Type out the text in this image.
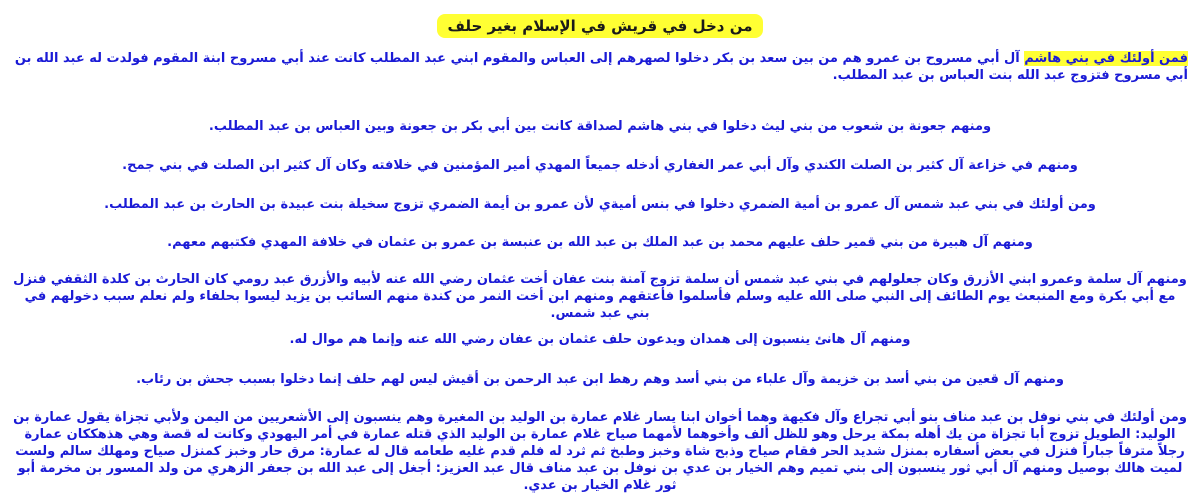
من دخل في قريش في الإسلام بغير حلف

فمن أولئك في بني هاشم آل أبي مسروح بن عمرو هم من بين سعد بن بكر دخلوا لصهرهم إلى العباس والمقوم ابني عبد المطلب كانت عند أبي مسروح ابنة المقوم فولدت له عبد الله بن أبي مسروح فتزوج عبد الله بنت العباس بن عبد المطلب.

ومنهم جعونة بن شعوب من بني ليث دخلوا في بني هاشم لصداقة كانت بين أبي بكر بن جعونة وبين العباس بن عبد المطلب.

ومنهم في خزاعة آل كثير بن الصلت الكندي وآل أبي عمر الغفاري أدخله جميعاً المهدي أمير المؤمنين في خلافته وكان آل كثير ابن الصلت في بني جمح.

ومن أولئك في بني عبد شمس آل عمرو بن أمية الضمري دخلوا في بنس أميةي لأن عمرو بن أيمة الضمري تزوج سخيلة بنت عبيدة بن الحارث بن عبد المطلب.

ومنهم آل هبيرة من بني قمير حلف عليهم محمد بن عبد الملك بن عبد الله بن عنبسة بن عمرو بن عثمان في خلافة المهدي فكتبهم معهم.

ومنهم آل سلمة وعمرو ابني الأزرق وكان جعلولهم في بني عبد شمس أن سلمة تزوج آمنة بنت عفان أخت عثمان رضي الله عنه لأبيه والأزرق عبد رومي كان الحارث بن كلدة الثقفي فنزل مع أبي بكرة ومع المنبعث يوم الطائف إلى النبي صلى الله عليه وسلم فأسلموا فأعتقهم ومنهم ابن أخت النمر من كندة منهم السائب بن يزيد ليسوا بحلفاء ولم نعلم سبب دخولهم في بني عبد شمس.

ومنهم آل هانئ ينسبون إلى همدان ويدعون حلف عثمان بن عفان رضي الله عنه وإنما هم موال له.

ومنهم آل قعين من بني أسد بن خزيمة وآل علباء من بني أسد وهم رهط ابن عبد الرحمن بن أقيش ليس لهم حلف إنما دخلوا بسبب جحش بن رئاب.

ومن أولئك في بني نوفل بن عبد مناف بنو أبي تجراع وآل فكيهة وهما أخوان ابنا يسار غلام عمارة بن الوليد بن المغيرة وهم ينسبون إلى الأشعريين من اليمن ولأبي تجزاة يقول عمارة بن الوليد: الطويل تزوج أبا تجزاة من يك أهله بمكة يرحل وهو للظل ألف وأخوهما لأمهما صياح غلام عمارة بن الوليد الذي قتله عمارة في أمر اليهودي وكانت له قصة وهي هذهككان عمارة رجلاً مترفاً جباراً فنزل في بعض أسفاره بمنزل شديد الحر فقام صياح وذبح شاة وخبز وطبخ ثم ثرد له فلم قدم غليه طعامه قال له عمارة: مرق حار وخبز كمنزل صياح ومهلك سالم ولست لميت هالك بوصيل ومنهم آل أبي ثور ينسبون إلى بني تميم وهم الخيار بن عدي بن نوفل بن عبد مناف قال عبد العزيز: أجغل إلى عبد الله بن جعفر الزهري من ولد المسور بن مخرمة أبو ثور غلام الخيار بن عدي.
